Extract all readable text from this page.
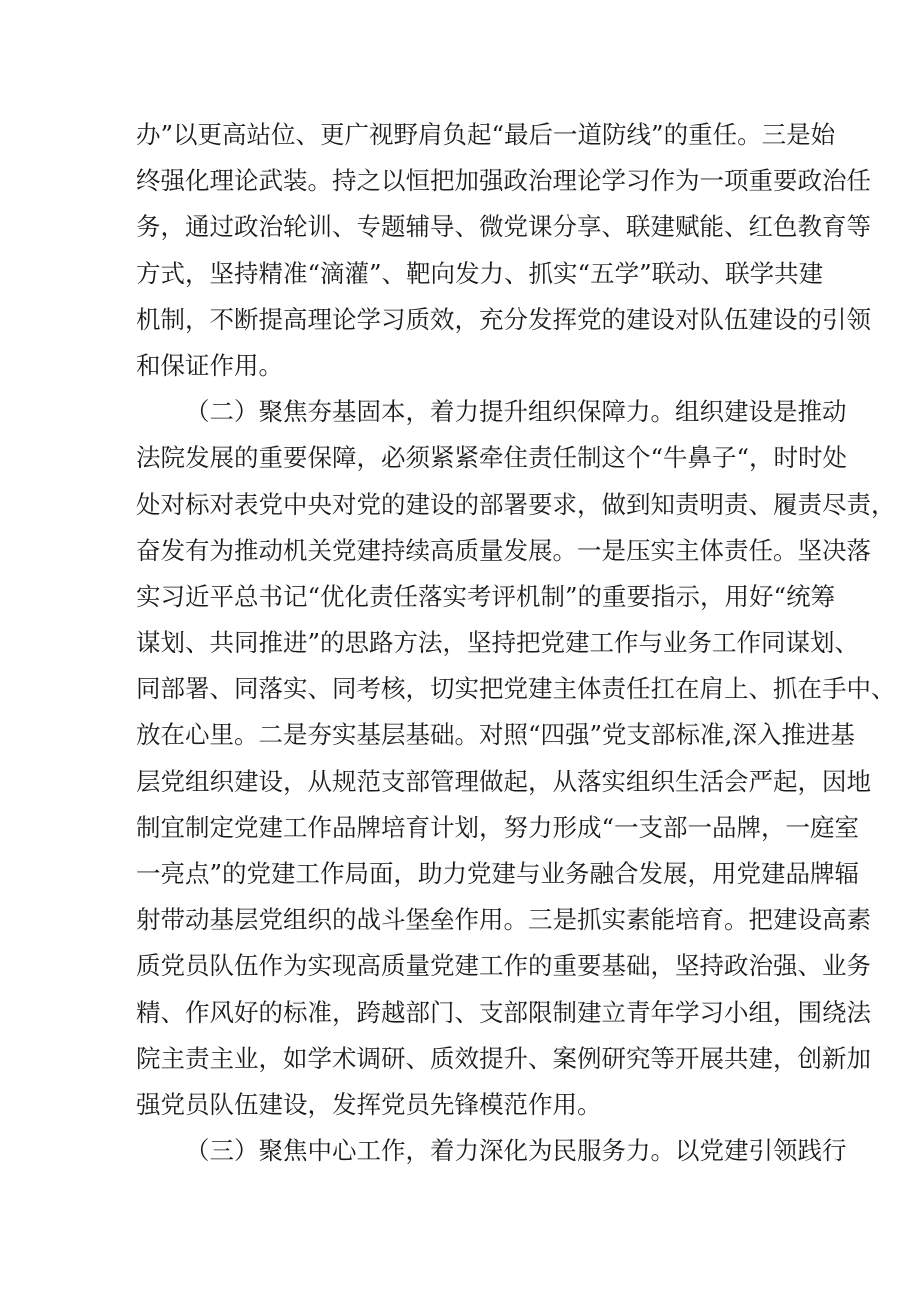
办”以更高站位、更广视野肩负起“最后一道防线”的重任。三是始
终强化理论武装。持之以恒把加强政治理论学习作为一项重要政治任
务，通过政治轮训、专题辅导、微党课分享、联建赋能、红色教育等
方式，坚持精准“滴灌”、靶向发力、抓实“五学”联动、联学共建
机制，不断提高理论学习质效，充分发挥党的建设对队伍建设的引领
和保证作用。
（二）聚焦夯基固本，着力提升组织保障力。组织建设是推动
法院发展的重要保障，必须紧紧牵住责任制这个“牛鼻子“，时时处
处对标对表党中央对党的建设的部署要求，做到知责明责、履责尽责，
奋发有为推动机关党建持续高质量发展。一是压实主体责任。坚决落
实习近平总书记“优化责任落实考评机制”的重要指示，用好“统筹
谋划、共同推进”的思路方法，坚持把党建工作与业务工作同谋划、
同部署、同落实、同考核，切实把党建主体责任扛在肩上、抓在手中、
放在心里。二是夯实基层基础。对照“四强”党支部标准,深入推进基
层党组织建设，从规范支部管理做起，从落实组织生活会严起，因地
制宜制定党建工作品牌培育计划，努力形成“一支部一品牌，一庭室
一亮点”的党建工作局面，助力党建与业务融合发展，用党建品牌辐
射带动基层党组织的战斗堡垒作用。三是抓实素能培育。把建设高素
质党员队伍作为实现高质量党建工作的重要基础，坚持政治强、业务
精、作风好的标准，跨越部门、支部限制建立青年学习小组，围绕法
院主责主业，如学术调研、质效提升、案例研究等开展共建，创新加
强党员队伍建设，发挥党员先锋模范作用。
（三）聚焦中心工作，着力深化为民服务力。以党建引领践行
